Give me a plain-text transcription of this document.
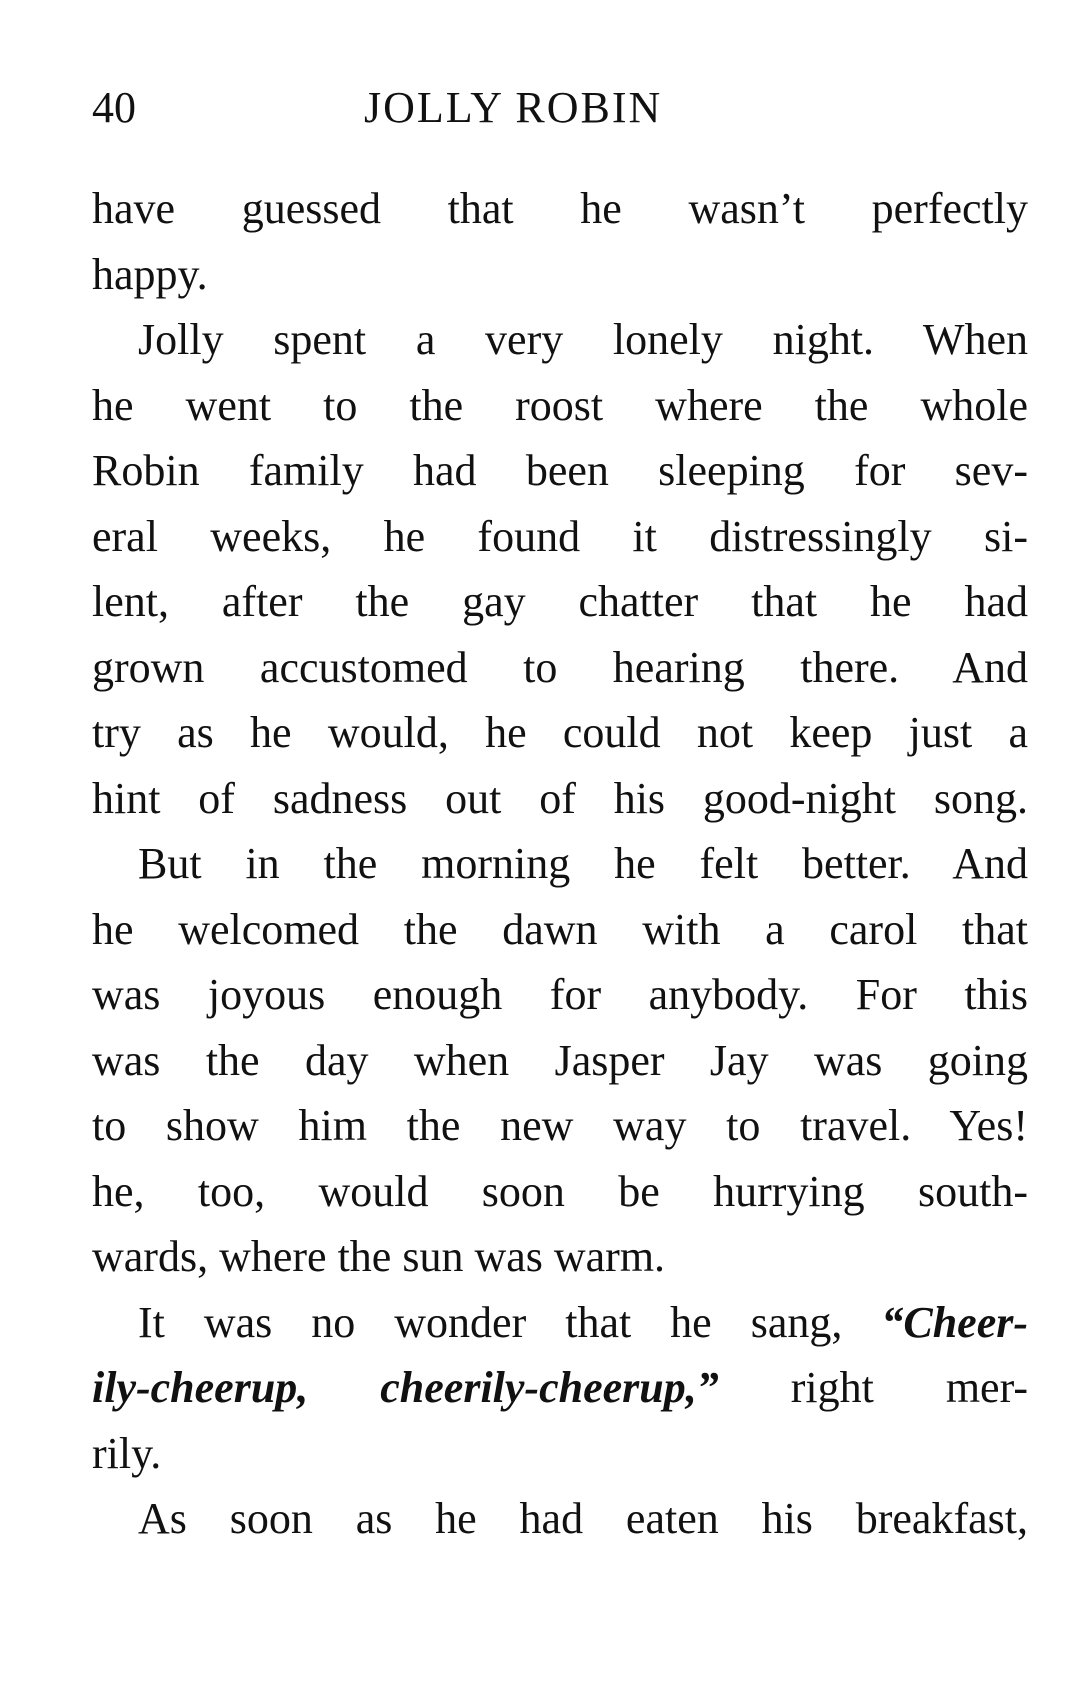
40	JOLLY ROBIN
have guessed that he wasn’t perfectly
happy.
Jolly spent a very lonely night. When
he went to the roost where the whole
Robin family had been sleeping for sev-
eral weeks, he found it distressingly si-
lent, after the gay chatter that he had
grown accustomed to hearing there. And
try as he would, he could not keep just a
hint of sadness out of his good-night song.
But in the morning he felt better. And
he welcomed the dawn with a carol that
was joyous enough for anybody. For this
was the day when Jasper Jay was going
to show him the new way to travel. Yes!
he, too, would soon be hurrying south-
wards, where the sun was warm.
It was no wonder that he sang, “Cheer-
ily-cheerup, cheerily-cheerup,” right mer-
rily.
As soon as he had eaten his breakfast,
